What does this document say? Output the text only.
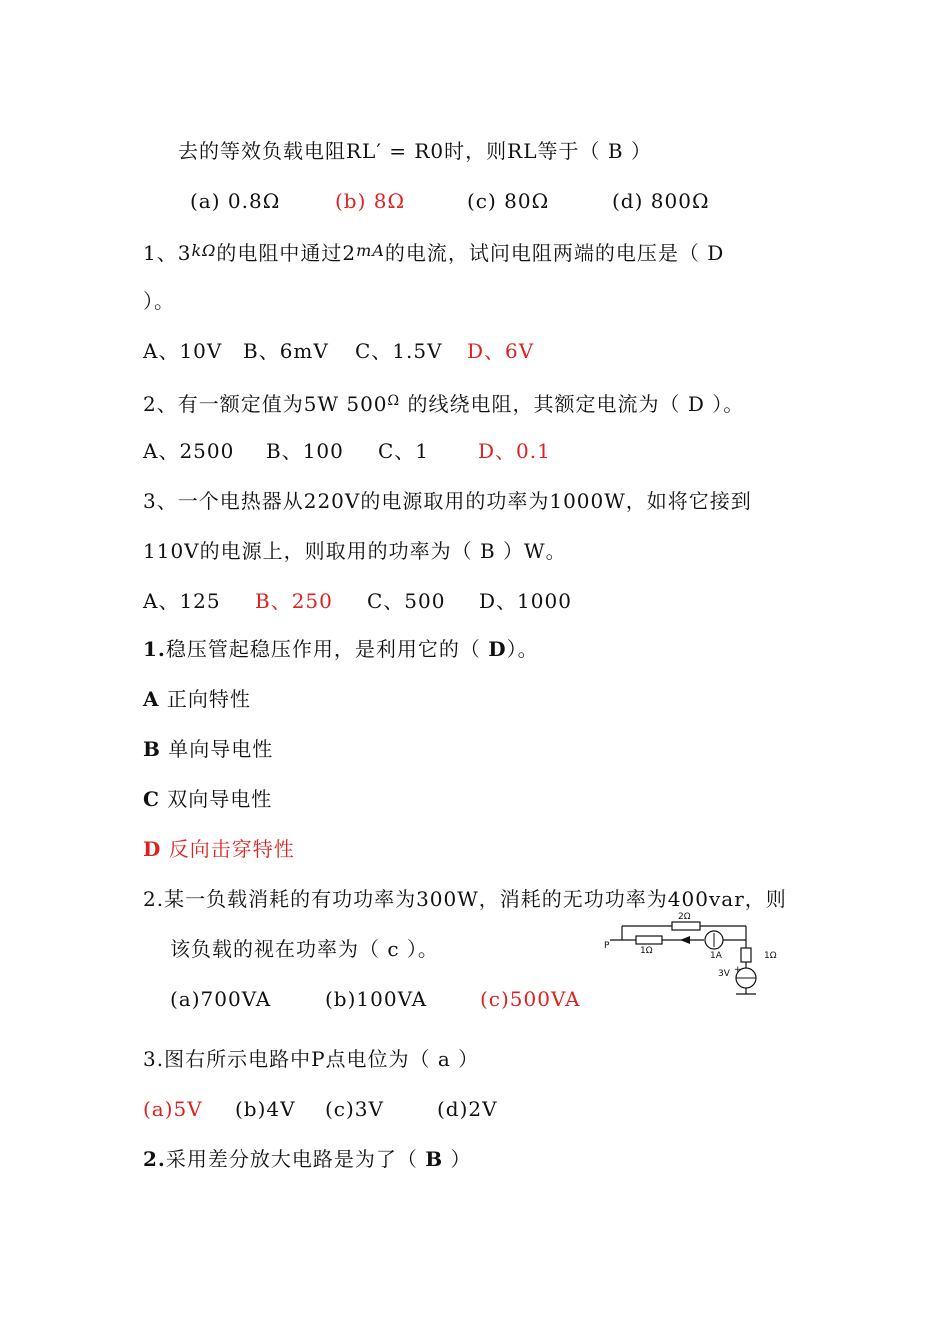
去的等效负载电阻RL′ = R0时，则RL等于（ B ）
(a) 0.8Ω	(b) 8Ω	(c) 80Ω	(d) 800Ω
1、$3^{k\Omega}$的电阻中通过$2^{mA}$的电流，试问电阻两端的电压是（ D
）。
A、10V B、6mV C、1.5V D、6V
2、有一额定值为5W $500^\Omega$ 的线绕电阻，其额定电流为（ D ）。
A、2500 B、100 C、1 D、0.1
3、一个电热器从220V的电源取用的功率为1000W，如将它接到
110V的电源上，则取用的功率为（ B ）W。
A、125 B、250 C、500 D、1000
1.稳压管起稳压作用，是利用它的（ D）。
A 正向特性
B 单向导电性
C 双向导电性
D 反向击穿特性
2.某一负载消耗的有功功率为300W，消耗的无功功率为400var，则
该负载的视在功率为（ c ）。
(a)700VA	(b)100VA	(c)500VA
P
2Ω
1Ω	1A	1Ω
+
3V
3.图右所示电路中P点电位为（ a ）
(a)5V (b)4V (c)3V	(d)2V
2.采用差分放大电路是为了（ B ）
